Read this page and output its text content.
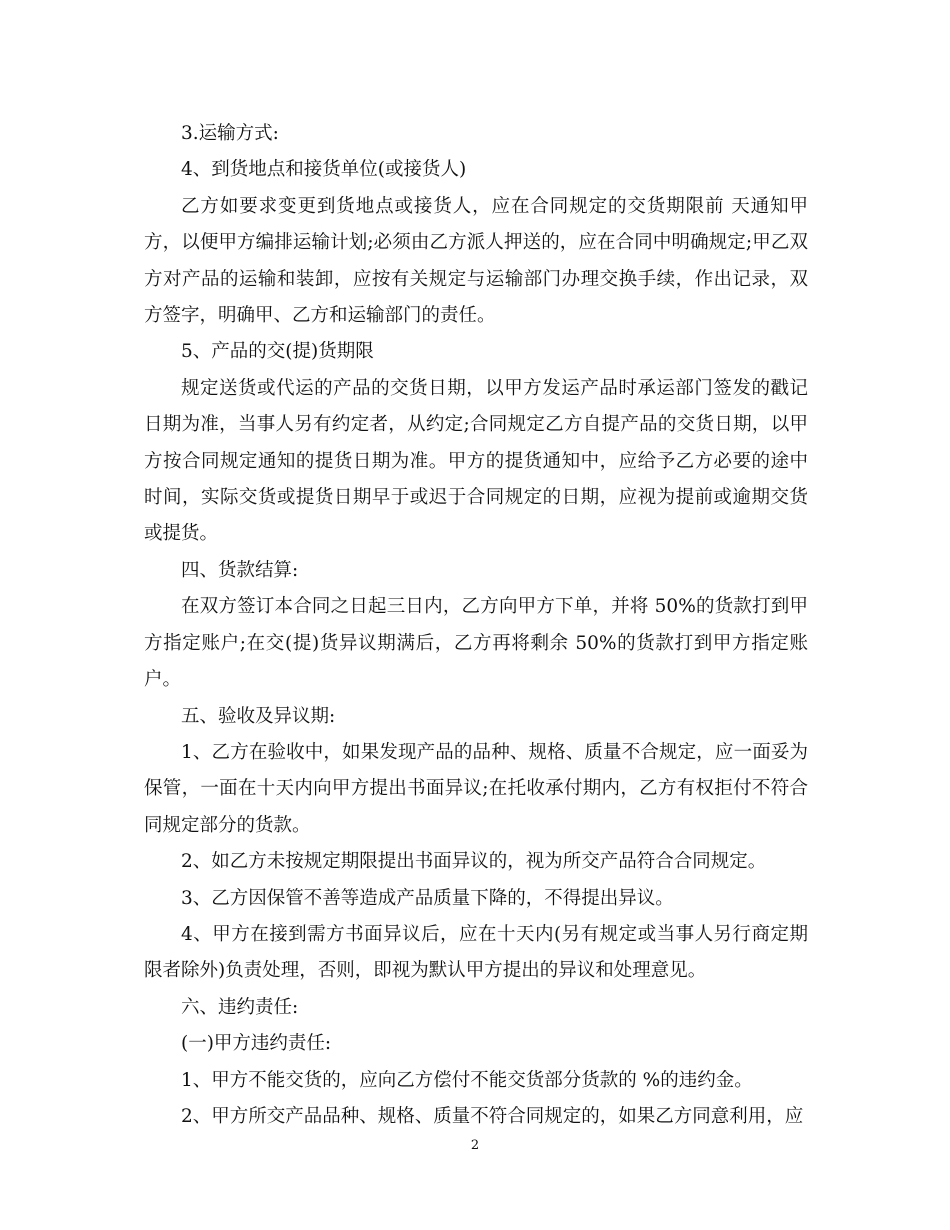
3.运输方式:

4、到货地点和接货单位(或接货人)

乙方如要求变更到货地点或接货人，应在合同规定的交货期限前 天通知甲方，以便甲方编排运输计划;必须由乙方派人押送的，应在合同中明确规定;甲乙双方对产品的运输和装卸，应按有关规定与运输部门办理交换手续，作出记录，双方签字，明确甲、乙方和运输部门的责任。

5、产品的交(提)货期限

规定送货或代运的产品的交货日期，以甲方发运产品时承运部门签发的戳记日期为准，当事人另有约定者，从约定;合同规定乙方自提产品的交货日期，以甲方按合同规定通知的提货日期为准。甲方的提货通知中，应给予乙方必要的途中时间，实际交货或提货日期早于或迟于合同规定的日期，应视为提前或逾期交货或提货。

四、货款结算:

在双方签订本合同之日起三日内，乙方向甲方下单，并将 50%的货款打到甲方指定账户;在交(提)货异议期满后，乙方再将剩余 50%的货款打到甲方指定账户。

五、验收及异议期:

1、乙方在验收中，如果发现产品的品种、规格、质量不合规定，应一面妥为保管，一面在十天内向甲方提出书面异议;在托收承付期内，乙方有权拒付不符合同规定部分的货款。

2、如乙方未按规定期限提出书面异议的，视为所交产品符合合同规定。

3、乙方因保管不善等造成产品质量下降的，不得提出异议。

4、甲方在接到需方书面异议后，应在十天内(另有规定或当事人另行商定期限者除外)负责处理，否则，即视为默认甲方提出的异议和处理意见。

六、违约责任:

(一)甲方违约责任:

1、甲方不能交货的，应向乙方偿付不能交货部分货款的 %的违约金。

2、甲方所交产品品种、规格、质量不符合同规定的，如果乙方同意利用，应

2
